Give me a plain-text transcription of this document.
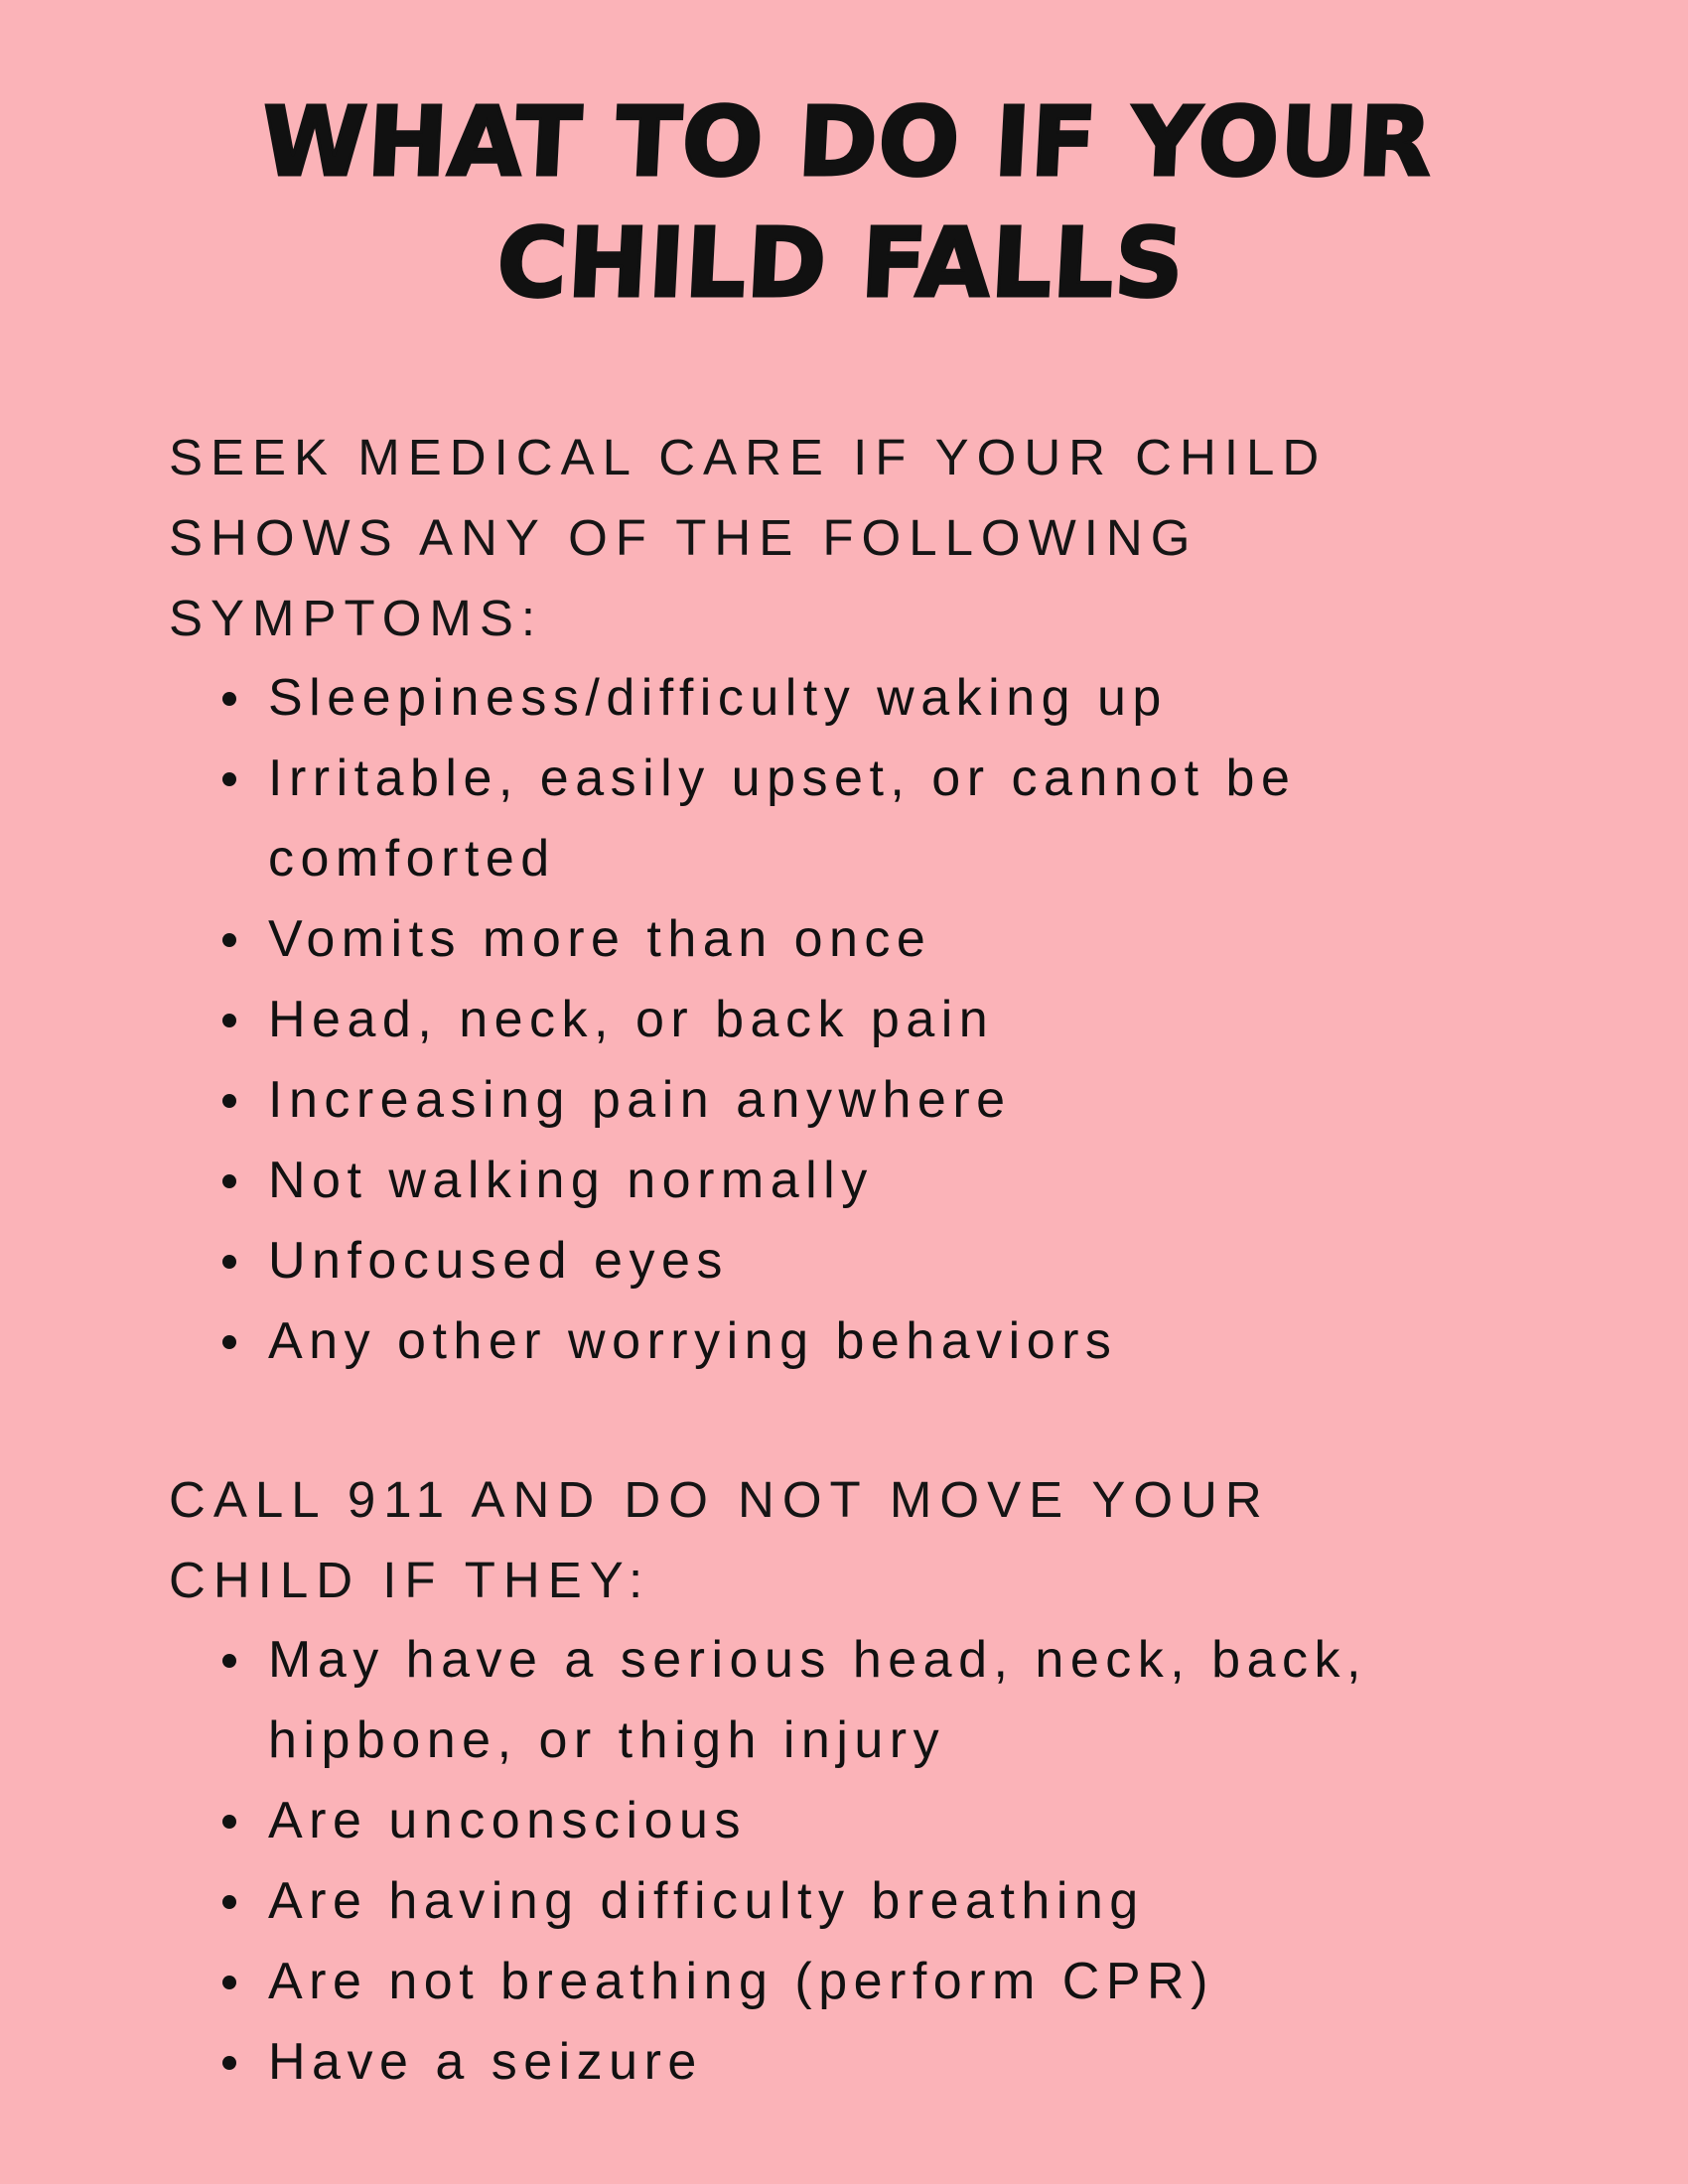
WHAT TO DO IF YOUR
CHILD FALLS
SEEK MEDICAL CARE IF YOUR CHILD
SHOWS ANY OF THE FOLLOWING
SYMPTOMS:
Sleepiness/difficulty waking up
Irritable, easily upset, or cannot be comforted
Vomits more than once
Head, neck, or back pain
Increasing pain anywhere
Not walking normally
Unfocused eyes
Any other worrying behaviors
CALL 911 AND DO NOT MOVE YOUR
CHILD IF THEY:
May have a serious head, neck, back, hipbone, or thigh injury
Are unconscious
Are having difficulty breathing
Are not breathing (perform CPR)
Have a seizure
